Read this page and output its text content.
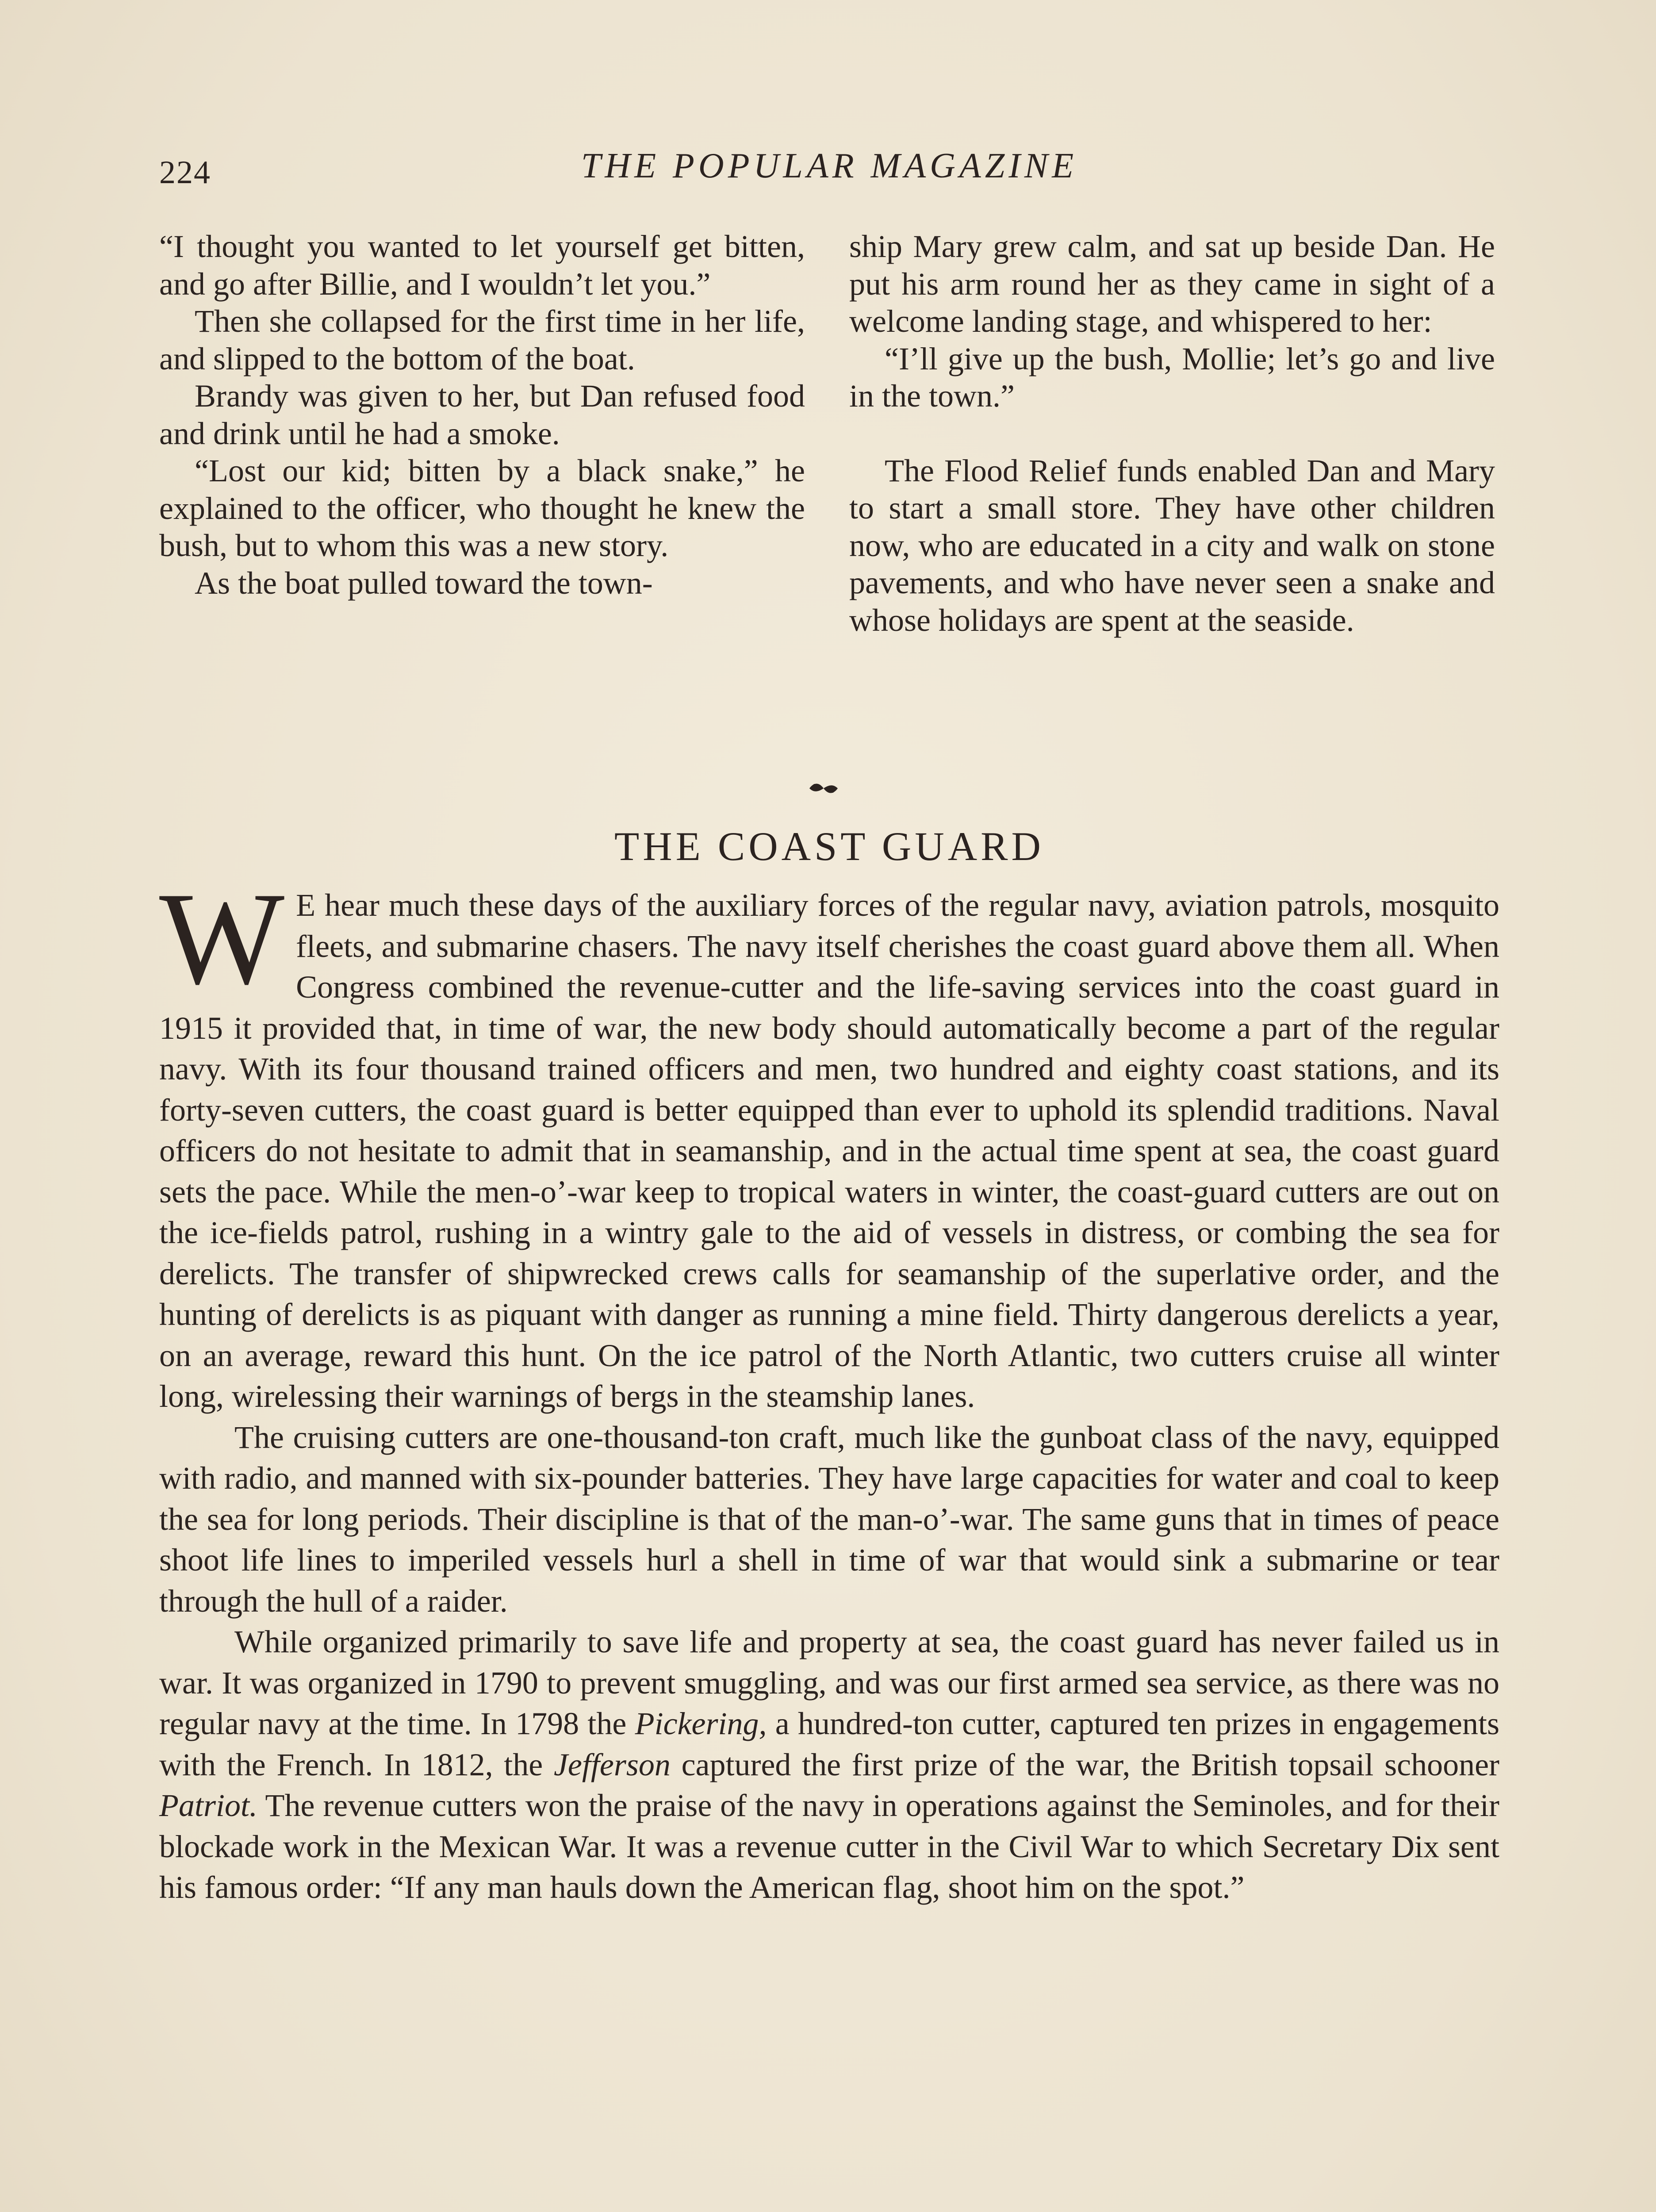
224	THE POPULAR MAGAZINE

“I thought you wanted to let yourself get bitten, and go after Billie, and I wouldn’t let you.”

Then she collapsed for the first time in her life, and slipped to the bottom of the boat.

Brandy was given to her, but Dan refused food and drink until he had a smoke.

“Lost our kid; bitten by a black snake,” he explained to the officer, who thought he knew the bush, but to whom this was a new story.

As the boat pulled toward the town-

ship Mary grew calm, and sat up beside Dan. He put his arm round her as they came in sight of a welcome landing stage, and whispered to her:

“I’ll give up the bush, Mollie; let’s go and live in the town.”

The Flood Relief funds enabled Dan and Mary to start a small store. They have other children now, who are educated in a city and walk on stone pavements, and who have never seen a snake and whose holidays are spent at the seaside.

THE COAST GUARD

W E hear much these days of the auxiliary forces of the regular navy, aviation patrols, mosquito fleets, and submarine chasers. The navy itself cherishes the coast guard above them all. When Congress combined the revenue-cutter and the life-saving services into the coast guard in 1915 it provided that, in time of war, the new body should automatically become a part of the regular navy. With its four thousand trained officers and men, two hundred and eighty coast stations, and its forty-seven cutters, the coast guard is better equipped than ever to uphold its splendid traditions. Naval officers do not hesitate to admit that in seamanship, and in the actual time spent at sea, the coast guard sets the pace. While the men-o’-war keep to tropical waters in winter, the coast-guard cutters are out on the ice-fields patrol, rushing in a wintry gale to the aid of vessels in distress, or combing the sea for derelicts. The transfer of shipwrecked crews calls for seamanship of the superlative order, and the hunting of derelicts is as piquant with danger as running a mine field. Thirty dangerous derelicts a year, on an average, reward this hunt. On the ice patrol of the North Atlantic, two cutters cruise all winter long, wirelessing their warnings of bergs in the steamship lanes.

The cruising cutters are one-thousand-ton craft, much like the gunboat class of the navy, equipped with radio, and manned with six-pounder batteries. They have large capacities for water and coal to keep the sea for long periods. Their discipline is that of the man-o’-war. The same guns that in times of peace shoot life lines to imperiled vessels hurl a shell in time of war that would sink a submarine or tear through the hull of a raider.

While organized primarily to save life and property at sea, the coast guard has never failed us in war. It was organized in 1790 to prevent smuggling, and was our first armed sea service, as there was no regular navy at the time. In 1798 the Pickering, a hundred-ton cutter, captured ten prizes in engagements with the French. In 1812, the Jefferson captured the first prize of the war, the British topsail schooner Patriot. The revenue cutters won the praise of the navy in operations against the Seminoles, and for their blockade work in the Mexican War. It was a revenue cutter in the Civil War to which Secretary Dix sent his famous order: “If any man hauls down the American flag, shoot him on the spot.”
